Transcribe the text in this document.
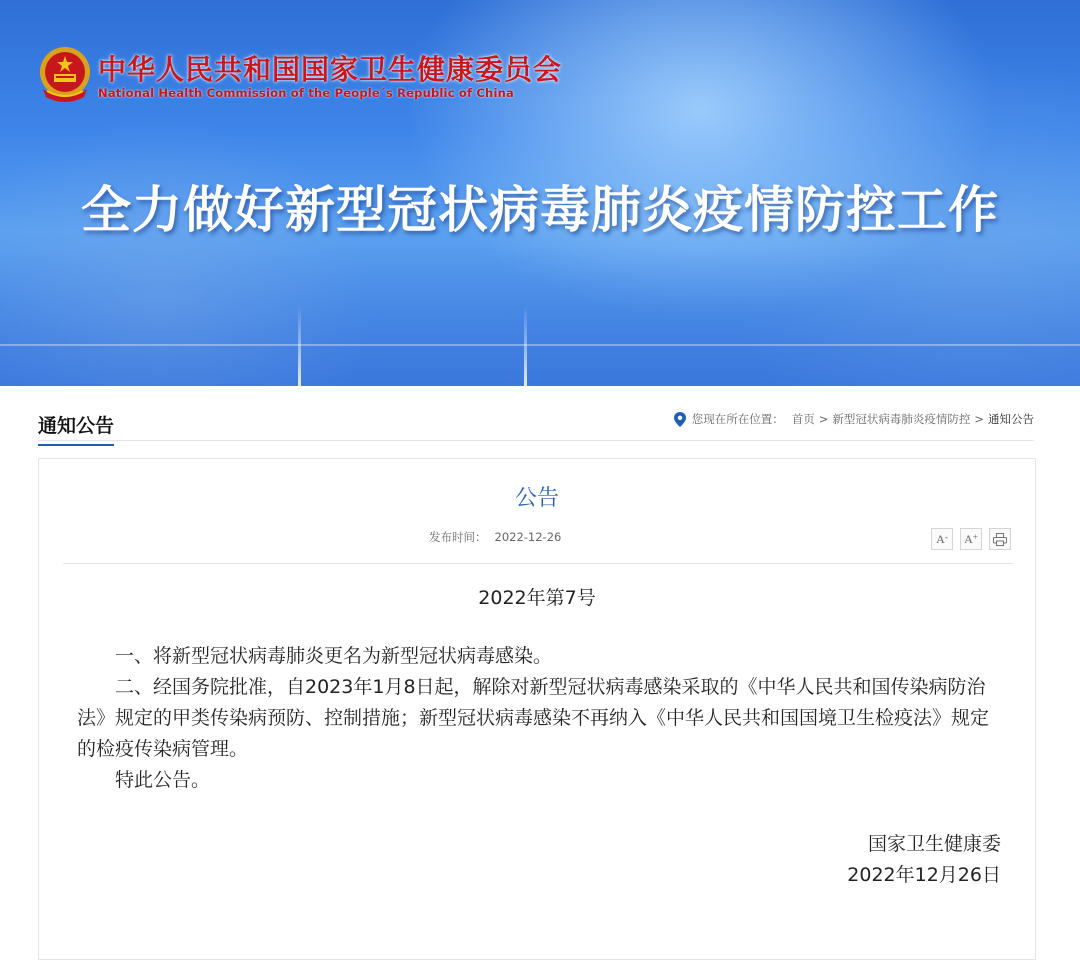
中华人民共和国国家卫生健康委员会
National Health Commission of the People´s Republic of China
全力做好新型冠状病毒肺炎疫情防控工作
通知公告	您现在所在位置： 首页 > 新型冠状病毒肺炎疫情防控 > 通知公告
公告
发布时间： 2022-12-26	A- A+
2022年第7号

一、将新型冠状病毒肺炎更名为新型冠状病毒感染。

二、经国务院批准，自2023年1月8日起，解除对新型冠状病毒感染采取的《中华人民共和国传染病防治法》规定的甲类传染病预防、控制措施；新型冠状病毒感染不再纳入《中华人民共和国国境卫生检疫法》规定的检疫传染病管理。

特此公告。

国家卫生健康委
2022年12月26日
